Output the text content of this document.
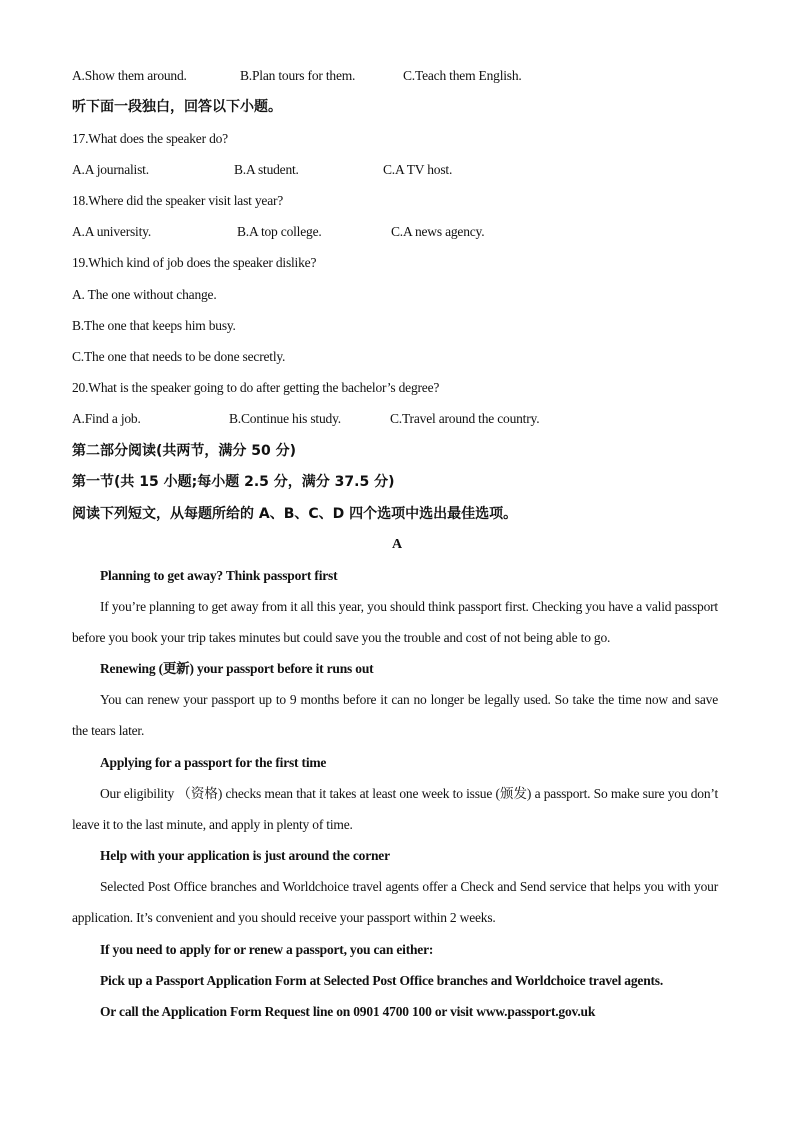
A.Show them around.	B.Plan tours for them.	C.Teach them English.
听下面一段独白，回答以下小题。
17.What does the speaker do?
A.A journalist.	B.A student.	C.A TV host.
18.Where did the speaker visit last year?
A.A university.	B.A top college.	C.A news agency.
19.Which kind of job does the speaker dislike?
A. The one without change.
B.The one that keeps him busy.
C.The one that needs to be done secretly.
20.What is the speaker going to do after getting the bachelor’s degree?
A.Find a job.	B.Continue his study.	C.Travel around the country.
第二部分阅读(共两节，满分 50 分)
第一节(共 15 小题;每小题 2.5 分，满分 37.5 分)
阅读下列短文，从每题所给的 A、B、C、D 四个选项中选出最佳选项。
A
Planning to get away? Think passport first
If you’re planning to get away from it all this year, you should think passport first. Checking you have a valid passport before you book your trip takes minutes but could save you the trouble and cost of not being able to go.
Renewing (更新) your passport before it runs out
You can renew your passport up to 9 months before it can no longer be legally used. So take the time now and save the tears later.
Applying for a passport for the first time
Our eligibility （资格) checks mean that it takes at least one week to issue (颁发) a passport. So make sure you don’t leave it to the last minute, and apply in plenty of time.
Help with your application is just around the corner
Selected Post Office branches and Worldchoice travel agents offer a Check and Send service that helps you with your application. It’s convenient and you should receive your passport within 2 weeks.
If you need to apply for or renew a passport, you can either:
Pick up a Passport Application Form at Selected Post Office branches and Worldchoice travel agents.
Or call the Application Form Request line on 0901 4700 100 or visit www.passport.gov.uk
